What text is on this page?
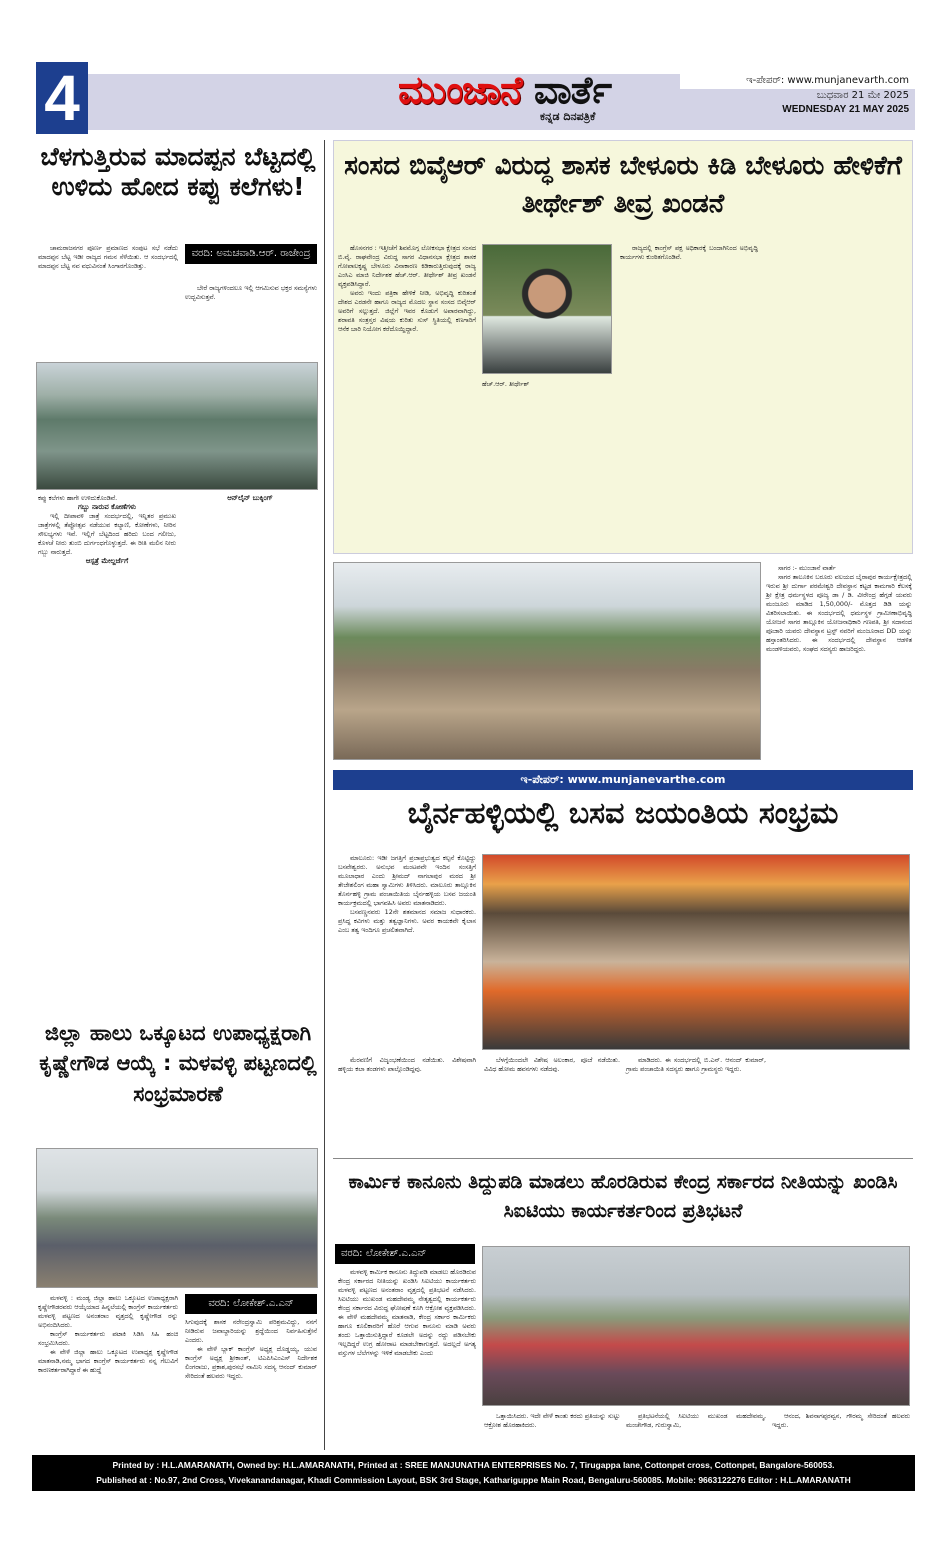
4	ಮುಂಜಾನೆ ವಾರ್ತೆ
ಕನ್ನಡ ದಿನಪತ್ರಿಕೆ
ಇ-ಪೇಪರ್: www.munjanevarth.com
ಬುಧವಾರ 21 ಮೇ 2025
WEDNESDAY 21 MAY 2025
ಬೆಳಗುತ್ತಿರುವ ಮಾದಪ್ಪನ ಬೆಟ್ಟದಲ್ಲಿ ಉಳಿದು ಹೋದ ಕಪ್ಪು ಕಲೆಗಳು!

ಚಾಮರಾಜನಗರ ಪೂರ್ಣ ಪ್ರಮಾಣದ ಸಂಪುಟ ಸಭೆ ನಡೆದು ಮಾದಪ್ಪನ ಬೆಟ್ಟ ಇಡೀ ರಾಜ್ಯದ ಗಮನ ಸೆಳೆಯಿತು. ಆ ಸಂದರ್ಭದಲ್ಲಿ ಮಾದಪ್ಪನ ಬೆಟ್ಟ ನವ ವಧುವಿನಂತೆ ಸಿಂಗಾರಗೊಂಡಿತ್ತು.

ವರದಿ: ಅಮಚವಾಡಿ.ಆರ್. ರಾಜೇಂದ್ರ

ಬೇರೆ ರಾಜ್ಯಗಳಿಂದಲೂ ಇಲ್ಲಿ ಆಗಮಿಸುವ ಭಕ್ತರ ಸಮಸ್ಯೆಗಳು ಉದ್ಭವಿಸುತ್ತವೆ.

ಕಪ್ಪು ಕಲೆಗಳು ಹಾಗೇ ಉಳಿದುಕೊಂಡಿವೆ.

ಗಬ್ಬು ನಾರುವ ಕೋಣೆಗಳು

ಇಲ್ಲಿ ದೀಪಾವಳಿ ಜಾತ್ರೆ ಸಂದರ್ಭದಲ್ಲಿ, ಇನ್ನಿತರ ಪ್ರಮುಖ ಜಾತ್ರೆಗಳಲ್ಲಿ ತೆಪ್ಪೋತ್ಸವ ನಡೆಯುವ ಕಲ್ಯಾಣಿ, ಕೋಣೆಗಳು, ನೀರಿನ ಸೌಲಭ್ಯಗಳು ಇವೆ. ಇಲ್ಲಿಗೆ ಬೆಟ್ಟದಿಂದ ಹರಿದು ಬಂದ ಗಲೀಜು, ಕೊಳಚೆ ನೀರು ತುಂಬಿ ದುರ್ಗಂಧಗೊಳ್ಳುತ್ತದೆ. ಈ ರೀತಿ ಮಲಿನ ನೀರು ಗಬ್ಬು ನಾರುತ್ತದೆ.

ಆಸ್ಪತ್ರೆ ಮೇಲ್ದರ್ಜೆಗೆ
ಆನ್‌ಲೈನ್ ಬುಕ್ಕಿಂಗ್
ಜಿಲ್ಲಾ ಹಾಲು ಒಕ್ಕೂಟದ ಉಪಾಧ್ಯಕ್ಷರಾಗಿ ಕೃಷ್ಣೇಗೌಡ ಆಯ್ಕೆ : ಮಳವಳ್ಳಿ ಪಟ್ಟಣದಲ್ಲಿ ಸಂಭ್ರಮಾರಣೆ

ಮಳವಳ್ಳಿ : ಮಂಡ್ಯ ಜಿಲ್ಲಾ ಹಾಲು ಒಕ್ಕೂಟದ ಉಪಾಧ್ಯಕ್ಷರಾಗಿ ಕೃಷ್ಣೇಗೌಡರವರು ಆಯ್ಕೆಯಾದ ಹಿನ್ನಲೆಯಲ್ಲಿ ಕಾಂಗ್ರೆಸ್ ಕಾರ್ಯಕರ್ತರು ಮಳವಳ್ಳಿ ಪಟ್ಟಣದ ಅನಂತರಾಂ ವೃತ್ತದಲ್ಲಿ ಕೃಷ್ಣೇಗೌಡ ರನ್ನು ಅಭಿನಂದಿಸಿದರು.

ಕಾಂಗ್ರೆಸ್ ಕಾರ್ಯಕರ್ತರು ಪಟಾಕಿ ಸಿಡಿಸಿ ಸಿಹಿ ಹಂಚಿ ಸಂಭ್ರಮಿಸಿದರು.

ಈ ವೇಳೆ ಜಿಲ್ಲಾ ಹಾಲು ಒಕ್ಕೂಟದ ಉಪಾಧ್ಯಕ್ಷ ಕೃಷ್ಣೇಗೌಡ ಮಾತನಾಡಿ,ನಮ್ಮ ಭಾಗದ ಕಾಂಗ್ರೆಸ್ ಕಾರ್ಯಕರ್ತರು ನನ್ನ ಗೆಲುವಿಗೆ ಕಾರಣಕರ್ತರಾಗಿದ್ದಾರೆ ಈ ಹುದ್ದೆ

ವರದಿ: ಲೋಕೇಶ್.ಎ.ಎನ್

ಸಿಗುವುದಕ್ಕೆ ಶಾಸಕ ನರೇಂದ್ರಸ್ವಾಮಿ ಪರಿಶ್ರಮವಿದ್ದು, ನನಗೆ ನೀಡಿರುವ ಜವಾಬ್ದಾರಿಯನ್ನು ಶ್ರದ್ಧೆಯಿಂದ ನಿರ್ವಹಿಸುತ್ತೇನೆ ಎಂದರು.

ಈ ವೇಳೆ ಬ್ಲಾಕ್ ಕಾಂಗ್ರೆಸ್ ಅಧ್ಯಕ್ಷ ದೊಡ್ಡಯ್ಯ, ಯುವ ಕಾಂಗ್ರೆಸ್ ಅಧ್ಯಕ್ಷ ಶ್ರೀಕಾಂತ್, ಟಿಎಪಿಸಿಎಂಎಸ್ ನಿರ್ದೇಶಕ ಲಿಂಗರಾಜು, ಪ್ರಕಾಶ,ಪುರಸಭೆ ನಾಮಿನಿ ಸದಸ್ಯ ಆನಂದ್ ಕುಮಾರ್ ಸೇರಿದಂತೆ ಹಲವರು ಇದ್ದರು.

ಸಂಸದ ಬಿವೈಆರ್ ವಿರುದ್ಧ ಶಾಸಕ ಬೇಳೂರು ಕಿಡಿ ಬೇಳೂರು ಹೇಳಿಕೆಗೆ ತೀರ್ಥೇಶ್ ತೀವ್ರ ಖಂಡನೆ

ಹೊಸನಗರ : ಇತ್ತೀಚೆಗೆ ಶಿವಮೊಗ್ಗ ಲೋಕಸಭಾ ಕ್ಷೇತ್ರದ ಸಂಸದ ಬಿ.ವೈ. ರಾಘವೇಂದ್ರ ವಿರುದ್ಧ ಸಾಗರ ವಿಧಾನಸಭಾ ಕ್ಷೇತ್ರದ ಶಾಸಕ ಗೋಪಾಲಕೃಷ್ಣ ಬೇಳೂರು ವಿನಾಕಾರಣ ಕಿಡಿಕಾರುತ್ತಿರುವುದಕ್ಕೆ ರಾಜ್ಯ ಎಂಸಿಎ ಮಾಜಿ ನಿರ್ದೇಶಕ ಹೆಚ್.ಆರ್. ತೀರ್ಥೇಶ್ ತೀವ್ರ ಖಂಡನೆ ವ್ಯಕ್ತಪಡಿಸಿದ್ದಾರೆ.

ಅವರು ಇಂದು ಪತ್ರಿಕಾ ಹೇಳಿಕೆ ನೀಡಿ, ಅಭಿವೃದ್ಧಿ ಕುರಿತಂತೆ ದೇಶದ ಎರಡನೇ ಹಾಗೂ ರಾಜ್ಯದ ಮೊದಲ ಸ್ಥಾನ ಸಂಸದ ಬಿವೈಆರ್ ಅವರಿಗೆ ಸಲ್ಲುತ್ತದೆ. ಜಿಲ್ಲೆಗೆ ಇವರ ಕೊಡುಗೆ ಅಪಾರವಾಗಿದ್ದು, ಶರಾವತಿ ಸಂತ್ರಸ್ತರ ವಿಷಯ ಕುರಿತು ಸುಸ್ ಸ್ಥಿತಿಯಲ್ಲಿ ಕಣಗಾರಿಗೆ ಆನೆಕ ಬಾರಿ ನಿಯೋಗ ಕರೆದೊಯ್ದಿದ್ದಾರೆ.

ಹೆಚ್.ಆರ್. ತೀರ್ಥೇಶ್

ರಾಜ್ಯದಲ್ಲಿ ಕಾಂಗ್ರೆಸ್ ಪಕ್ಷ ಅಧಿಕಾರಕ್ಕೆ ಬಂದಾಗಿನಿಂದ ಅಭಿವೃದ್ಧಿ ಕಾರ್ಯಗಳು ಕುಂಠಿತಗೊಂಡಿವೆ.

ಸಾಗರ :- ಮುಂಜಾನೆ ವಾರ್ತೆ

ಸಾಗರ ತಾಲೂಕಿನ ಬರೂರು ವಲಯದ ಬೈರಾಪುರ ಕಾರ್ಯಕ್ಷೇತ್ರದಲ್ಲಿ ಇರುವ ಶ್ರೀ ದುರ್ಗಾ ಪರಮೇಶ್ವರಿ ದೇವಸ್ಥಾನ ಕಟ್ಟಡ ಕಾಮಗಾರಿ ಕೆಲಸಕ್ಕೆ ಶ್ರೀ ಕ್ಷೇತ್ರ ಧರ್ಮಸ್ಥಳದ ಪೂಜ್ಯ ಡಾ / ಡಿ. ವೀರೇಂದ್ರ ಹೆಗ್ಗಡೆ ಯವರು ಮಂಜೂರು ಮಾಡಿದ 1,50,000/- ಮೊತ್ತದ ಡಿಡಿ ಯನ್ನು ವಿತರಿಸಲಾಯಿತು. ಈ ಸಂದರ್ಭದಲ್ಲಿ ಧರ್ಮಸ್ಥಳ ಗ್ರಾಮೀಣಾಭಿವೃದ್ಧಿ ಯೋಜನೆ ಸಾಗರ ತಾಲ್ಲೂಕಿನ ಯೋಜನಾಧಿಕಾರಿ ಗಣಪತಿ, ಶ್ರೀ ಸದಾನಂದ ಪೂಜಾರಿ ಯವರು ದೇವಸ್ಥಾನ ಟ್ರಸ್ಟ್ ನವರಿಗೆ ಮಂಜೂರಾದ DD ಯನ್ನು ಹಸ್ತಾಂತರಿಸಿದರು. ಈ ಸಂದರ್ಭದಲ್ಲಿ ದೇವಸ್ಥಾನ ಆಡಳಿತ ಮಂಡಳಿಯವರು, ಸಂಘದ ಸದಸ್ಯರು ಹಾಜರಿದ್ದರು.

ಇ-ಪೇಪರ್: www.munjanevarthe.com
ಬೈರ್ನಹಳ್ಳಿಯಲ್ಲಿ ಬಸವ ಜಯಂತಿಯ ಸಂಭ್ರಮ

ಮಾಲೂರು: ಇಡೀ ಜಗತ್ತಿಗೆ ಪ್ರಜಾಪ್ರಭುತ್ವದ ಕಲ್ಪನೆ ಕೊಟ್ಟಿದ್ದು ಬಸವೇಶ್ವರರು. ಅನುಭವ ಮಂಟಪವೇ ಇಂದಿನ ಸಂಸತ್ತಿಗೆ ಮೂಲಾಧಾರ ಎಂದು ಶ್ರೀಮದ್ ನಾಗಲಾಪುರ ಮಠದ ಶ್ರೀ ತೇಜೇಶಲಿಂಗ ಮಹಾ ಸ್ವಾಮಿಗಳು ತಿಳಿಸಿದರು. ಮಾಲೂರು ತಾಲ್ಲೂಕಿನ ತೊರ್ನಹಳ್ಳಿ ಗ್ರಾಮ ಪಂಚಾಯಿತಿಯ ಬೈರ್ನಹಳ್ಳಿಯ ಬಸವ ಜಯಂತಿ ಕಾರ್ಯಕ್ರಮದಲ್ಲಿ ಭಾಗವಹಿಸಿ ಅವರು ಮಾತನಾಡಿದರು.

ಬಸವಣ್ಣನವರು 12ನೇ ಶತಮಾನದ ಸಮಾಜ ಸುಧಾರಕರು. ಪ್ರಸಿದ್ಧ ಕವಿಗಳು ಮತ್ತು ತತ್ವಜ್ಞಾನಿಗಳು. ಅವರ ಕಾಯಕವೇ ಕೈಲಾಸ ಎಂಬ ತತ್ವ ಇಂದಿಗೂ ಪ್ರಚಲಿತವಾಗಿದೆ.

ಮೆರವಣಿಗೆ ವಿಜೃಂಭಣೆಯಿಂದ ನಡೆಯಿತು. ವಿಶೇಷವಾಗಿ ಹಳ್ಳಿಯ ಕಲಾ ತಂಡಗಳು ಪಾಲ್ಗೊಂಡಿದ್ದವು.

ಬೆಳಗ್ಗೆಯಿಂದಲೇ ವಿಶೇಷ ಅಲಂಕಾರ, ಪೂಜೆ ನಡೆಯಿತು. ವಿವಿಧ ಹೋಮ ಹವನಗಳು ನಡೆದವು.

ಮಾಡಿದರು. ಈ ಸಂದರ್ಭದಲ್ಲಿ ಬಿ.ಎನ್. ಆನಂದ್ ಕುಮಾರ್, ಗ್ರಾಮ ಪಂಚಾಯಿತಿ ಸದಸ್ಯರು ಹಾಗೂ ಗ್ರಾಮಸ್ಥರು ಇದ್ದರು.

ಕಾರ್ಮಿಕ ಕಾನೂನು ತಿದ್ದುಪಡಿ ಮಾಡಲು ಹೊರಡಿರುವ ಕೇಂದ್ರ ಸರ್ಕಾರದ ನೀತಿಯನ್ನು ಖಂಡಿಸಿ ಸಿಐಟಿಯು ಕಾರ್ಯಕರ್ತರಿಂದ ಪ್ರತಿಭಟನೆ
ವರದಿ: ಲೋಕೇಶ್.ಎ.ಎನ್

ಮಳವಳ್ಳಿ ಕಾರ್ಮಿಕ ಕಾನೂನು ತಿದ್ದುಪಡಿ ಮಾಡಲು ಹೊರಡಿರುವ ಕೇಂದ್ರ ಸರ್ಕಾರದ ನೀತಿಯನ್ನು ಖಂಡಿಸಿ ಸಿಐಟಿಯು ಕಾರ್ಯಕರ್ತರು ಮಳವಳ್ಳಿ ಪಟ್ಟಣದ ಅನಂತರಾಂ ವೃತ್ತದಲ್ಲಿ ಪ್ರತಿಭಟನೆ ನಡೆಸಿದರು. ಸಿಐಟಿಯು ಮುಖಂಡ ಮಹದೇವಮ್ಮ ನೇತೃತ್ವದಲ್ಲಿ ಕಾರ್ಯಕರ್ತರು ಕೇಂದ್ರ ಸರ್ಕಾರದ ವಿರುದ್ಧ ಘೋಷಣೆ ಕೂಗಿ ಆಕ್ರೋಶ ವ್ಯಕ್ತಪಡಿಸಿದರು. ಈ ವೇಳೆ ಮಹದೇವಮ್ಮ ಮಾತನಾಡಿ, ಕೇಂದ್ರ ಸರ್ಕಾರ ಕಾರ್ಮಿಕರು ಹಾಗೂ ಕೂಲಿಕಾರರಿಗೆ ಹೊರೆ ಆಗುವ ಕಾನೂನು ಮಾಡಿ ಅವರು ತಂದು ಒತ್ತಾಯಿಸುತ್ತಿದ್ದಾರೆ ಕೂಡಲೇ ಅದನ್ನು ರದ್ದು ಪಡಿಸಬೇಕು ಇಲ್ಲದಿದ್ದರೆ ಉಗ್ರ ಹೋರಾಟ ಮಾಡಬೇಕಾಗುತ್ತದೆ. ಅದಲ್ಲದೆ ಅಗತ್ಯ ವಸ್ತುಗಳ ಬೆಲೆಗಳನ್ನು ಇಳಿಕೆ ಮಾಡಬೇಕು ಎಂದು

ಒತ್ತಾಯಿಸಿದರು. ಇದೇ ವೇಳೆ ಕಾಂತು ಕರದು ಪ್ರತಿಯನ್ನು ಸುಟ್ಟು ಆಕ್ರೋಶ ಹೊರಹಾಕಿದರು.

ಪ್ರತಿಭಟನೆಯಲ್ಲಿ ಸಿಐಟಿಯು ಮುಖಂಡ ಮಹದೇವಮ್ಮ, ಮಂಚೇಗೌಡ, ಗುರುಸ್ವಾಮಿ,

ಆನಂದ, ಶಿವನಾಗಪ್ಪರವ್ವನ, ಗೌರಮ್ಮ ಸೇರಿದಂತೆ ಹಲವರು ಇದ್ದರು.

Printed by : H.L.AMARANATH, Owned by: H.L.AMARANATH, Printed at : SREE MANJUNATHA ENTERPRISES No. 7, Tirugappa lane, Cottonpet cross, Cottonpet, Bangalore-560053.
Published at : No.97, 2nd Cross, Vivekanandanagar, Khadi Commission Layout, BSK 3rd Stage, Kathariguppe Main Road, Bengaluru-560085. Mobile: 9663122276 Editor : H.L.AMARANATH
